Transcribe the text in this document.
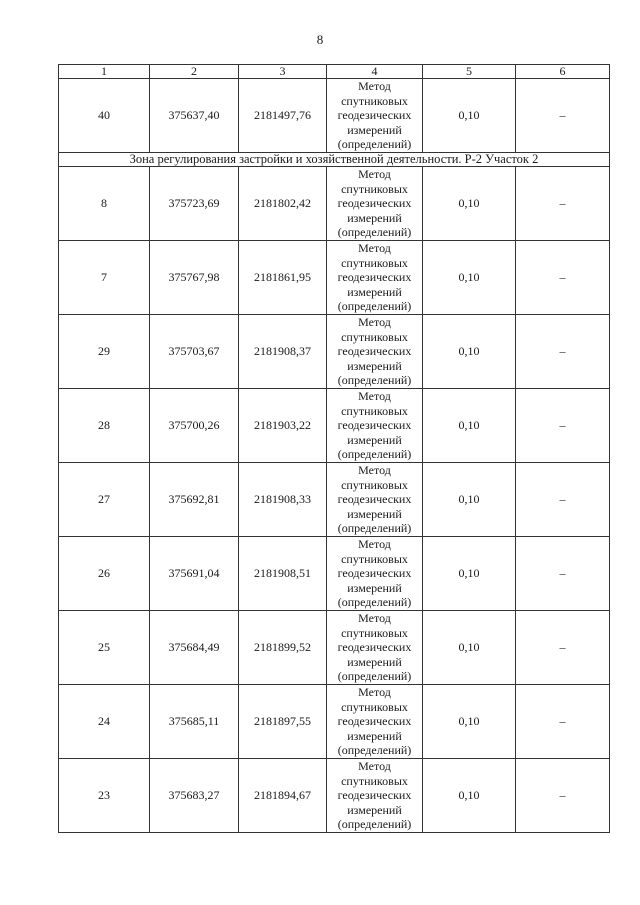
8
1	2	3	4	5	6
40	375637,40	2181497,76	Метод
спутниковых
геодезических
измерений
(определений)	0,10	–
Зона регулирования застройки и хозяйственной деятельности. Р-2 Участок 2					
8	375723,69	2181802,42	Метод
спутниковых
геодезических
измерений
(определений)	0,10	–
7	375767,98	2181861,95	Метод
спутниковых
геодезических
измерений
(определений)	0,10	–
29	375703,67	2181908,37	Метод
спутниковых
геодезических
измерений
(определений)	0,10	–
28	375700,26	2181903,22	Метод
спутниковых
геодезических
измерений
(определений)	0,10	–
27	375692,81	2181908,33	Метод
спутниковых
геодезических
измерений
(определений)	0,10	–
26	375691,04	2181908,51	Метод
спутниковых
геодезических
измерений
(определений)	0,10	–
25	375684,49	2181899,52	Метод
спутниковых
геодезических
измерений
(определений)	0,10	–
24	375685,11	2181897,55	Метод
спутниковых
геодезических
измерений
(определений)	0,10	–
23	375683,27	2181894,67	Метод
спутниковых
геодезических
измерений
(определений)	0,10	–
